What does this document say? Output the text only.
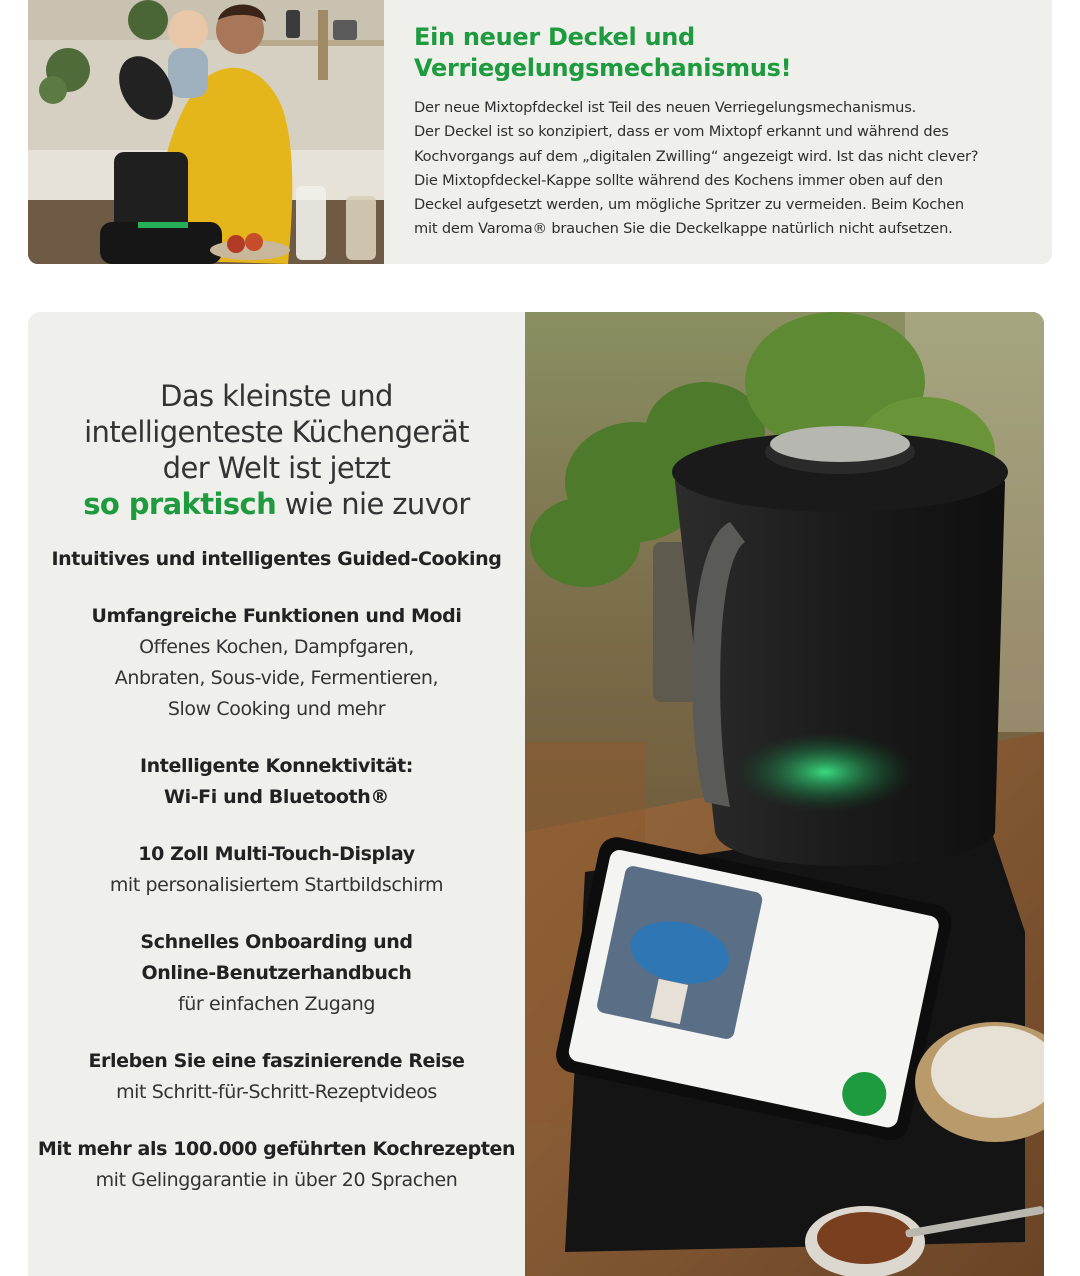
Ein neuer Deckel und
Verriegelungsmechanismus!

Der neue Mixtopfdeckel ist Teil des neuen Verriegelungsmechanismus.

Der Deckel ist so konzipiert, dass er vom Mixtopf erkannt und während des

Kochvorgangs auf dem „digitalen Zwilling“ angezeigt wird. Ist das nicht clever?

Die Mixtopfdeckel-Kappe sollte während des Kochens immer oben auf den

Deckel aufgesetzt werden, um mögliche Spritzer zu vermeiden. Beim Kochen

mit dem Varoma® brauchen Sie die Deckelkappe natürlich nicht aufsetzen.

Das kleinste und
intelligenteste Küchengerät
der Welt ist jetzt
so praktisch wie nie zuvor
Intuitives und intelligentes Guided-Cooking
Umfangreiche Funktionen und Modi
Offenes Kochen, Dampfgaren,
Anbraten, Sous-vide, Fermentieren,
Slow Cooking und mehr
Intelligente Konnektivität:
Wi-Fi und Bluetooth®
10 Zoll Multi-Touch-Display
mit personalisiertem Startbildschirm
Schnelles Onboarding und
Online-Benutzerhandbuch
für einfachen Zugang
Erleben Sie eine faszinierende Reise
mit Schritt-für-Schritt-Rezeptvideos
Mit mehr als 100.000 geführten Kochrezepten
mit Gelinggarantie in über 20 Sprachen
